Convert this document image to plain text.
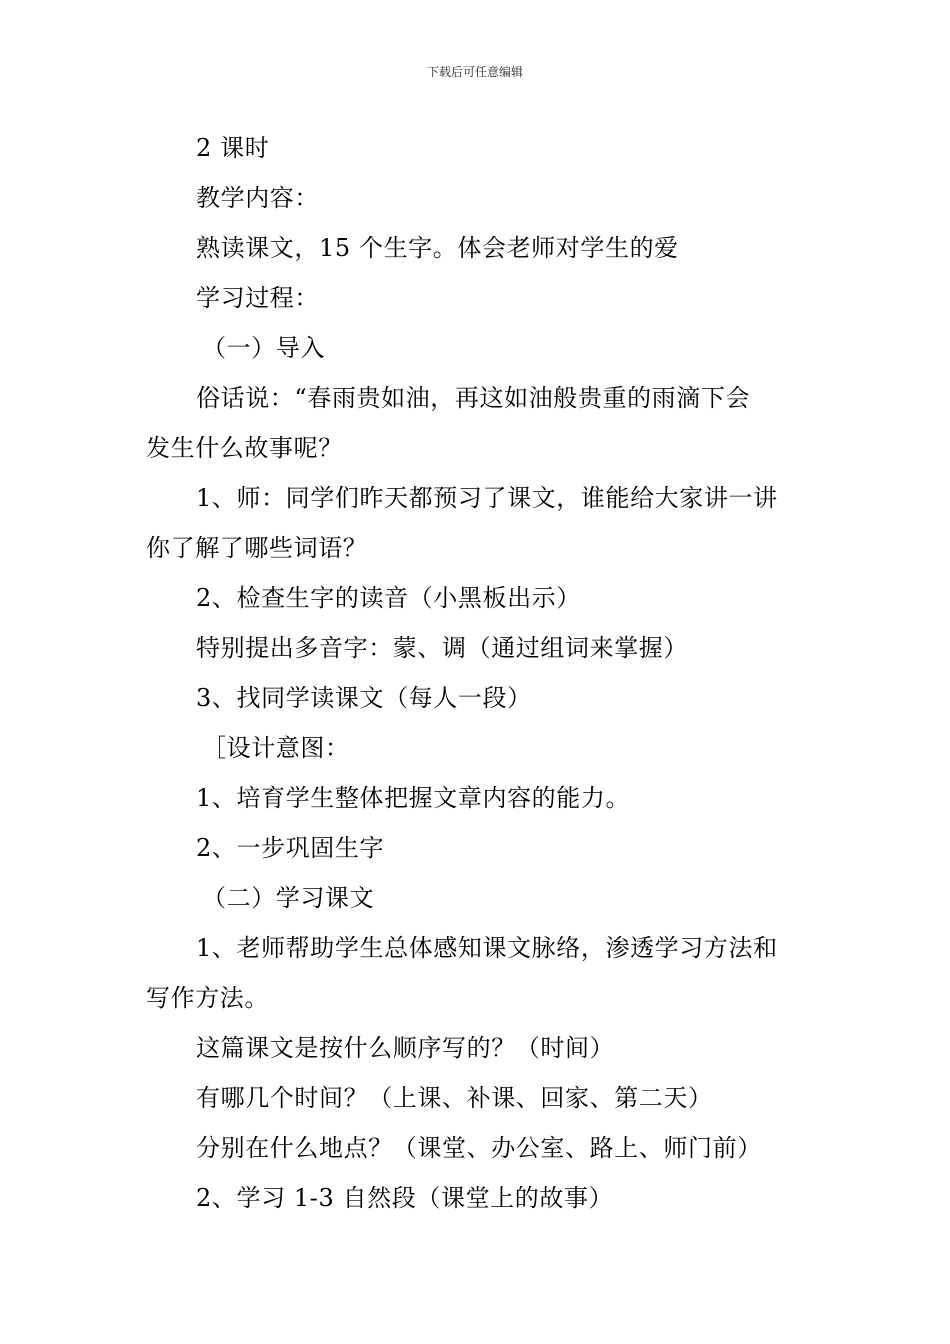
下载后可任意编辑
2 课时
教学内容：
熟读课文，15 个生字。体会老师对学生的爱
学习过程：
（一）导入
俗话说：“春雨贵如油，再这如油般贵重的雨滴下会
发生什么故事呢？
1、师：同学们昨天都预习了课文，谁能给大家讲一讲
你了解了哪些词语？
2、检查生字的读音（小黑板出示）
特别提出多音字：蒙、调（通过组词来掌握）
3、找同学读课文（每人一段）
［设计意图：
1、培育学生整体把握文章内容的能力。
2、一步巩固生字
（二）学习课文
1、老师帮助学生总体感知课文脉络，渗透学习方法和
写作方法。
这篇课文是按什么顺序写的？（时间）
有哪几个时间？（上课、补课、回家、第二天）
分别在什么地点？（课堂、办公室、路上、师门前）
2、学习 1-3 自然段（课堂上的故事）
